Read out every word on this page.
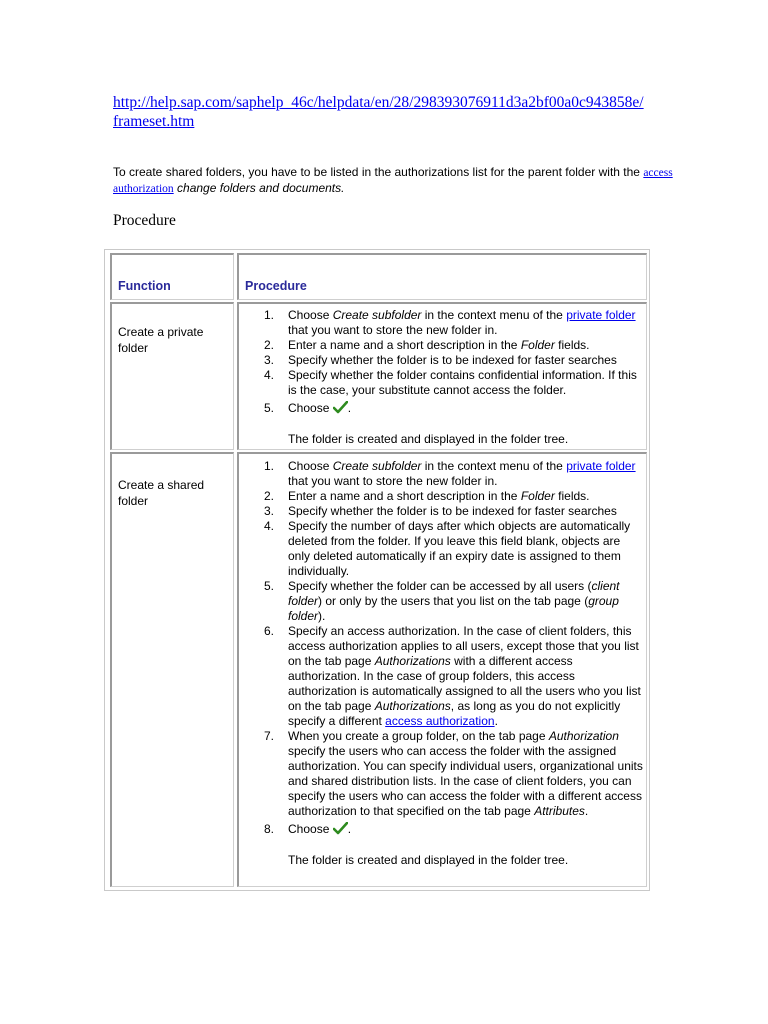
http://help.sap.com/saphelp_46c/helpdata/en/28/298393076911d3a2bf00a0c943858e/
frameset.htm
To create shared folders, you have to be listed in the authorizations list for the parent folder with the access authorization change folders and documents.
Procedure
Function	Procedure
Create a private folder
1. Choose Create subfolder in the context menu of the private folder that you want to store the new folder in.
2. Enter a name and a short description in the Folder fields.
3. Specify whether the folder is to be indexed for faster searches
4. Specify whether the folder contains confidential information. If this is the case, your substitute cannot access the folder.
5. Choose .
The folder is created and displayed in the folder tree.
Create a shared folder
1. Choose Create subfolder in the context menu of the private folder that you want to store the new folder in.
2. Enter a name and a short description in the Folder fields.
3. Specify whether the folder is to be indexed for faster searches
4. Specify the number of days after which objects are automatically deleted from the folder. If you leave this field blank, objects are only deleted automatically if an expiry date is assigned to them individually.
5. Specify whether the folder can be accessed by all users (client folder) or only by the users that you list on the tab page (group folder).
6. Specify an access authorization. In the case of client folders, this access authorization applies to all users, except those that you list on the tab page Authorizations with a different access authorization. In the case of group folders, this access authorization is automatically assigned to all the users who you list on the tab page Authorizations, as long as you do not explicitly specify a different access authorization.
7. When you create a group folder, on the tab page Authorization specify the users who can access the folder with the assigned authorization. You can specify individual users, organizational units and shared distribution lists. In the case of client folders, you can specify the users who can access the folder with a different access authorization to that specified on the tab page Attributes.
8. Choose .
The folder is created and displayed in the folder tree.
